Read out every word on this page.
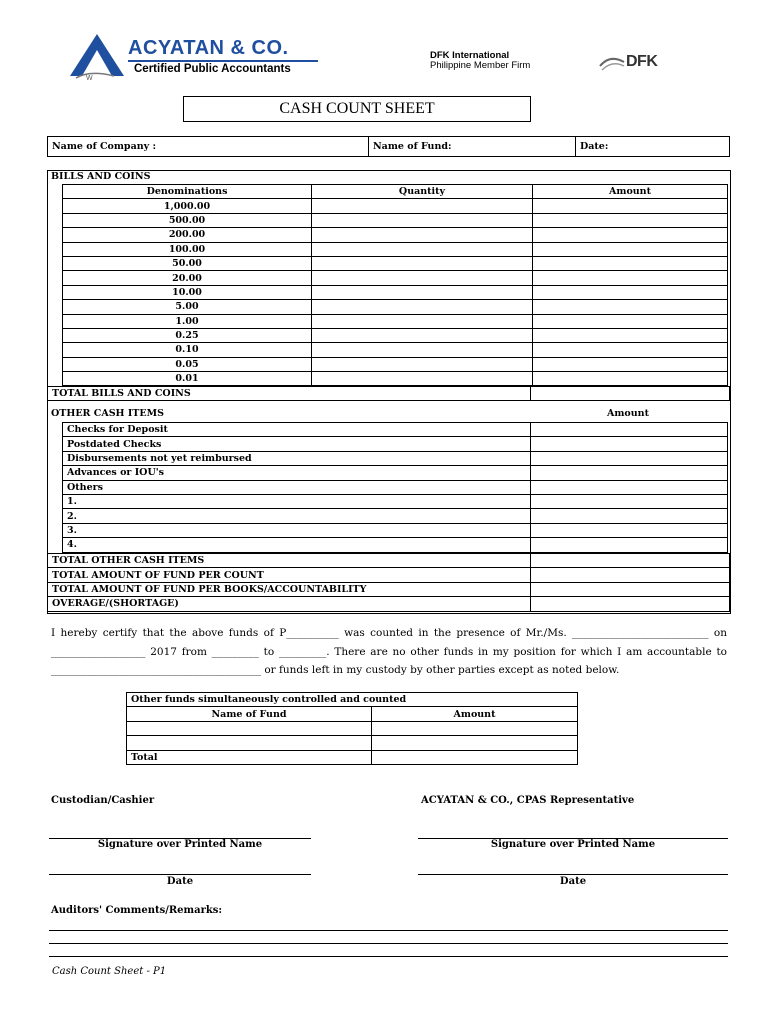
W
ACYATAN & CO.
Certified Public Accountants
DFK International
Philippine Member Firm	DFK
CASH COUNT SHEET
Name of Company :	Name of Fund:	Date:
BILLS AND COINS
Denominations	Quantity	Amount
1,000.00		
500.00		
200.00		
100.00		
50.00		
20.00		
10.00		
5.00		
1.00		
0.25		
0.10		
0.05		
0.01		
TOTAL BILLS AND COINS	
OTHER CASH ITEMS	Amount
Checks for Deposit	
Postdated Checks	
Disbursements not yet reimbursed	
Advances or IOU's	
Others	
1.	
2.	
3.	
4.	
TOTAL OTHER CASH ITEMS	
TOTAL AMOUNT OF FUND PER COUNT	
TOTAL AMOUNT OF FUND PER BOOKS/ACCOUNTABILITY	
OVERAGE/(SHORTAGE)	
I hereby certify that the above funds of P__________ was counted in the presence of Mr./Ms. __________________________ on __________________ 2017 from _________ to _________. There are no other funds in my position for which I am accountable to ________________________________________ or funds left in my custody by other parties except as noted below.
Other funds simultaneously controlled and counted	
Name of Fund	Amount

Total	
Custodian/Cashier	ACYATAN & CO., CPAS Representative
Signature over Printed Name	Signature over Printed Name
Date	Date
Auditors' Comments/Remarks:
Cash Count Sheet - P1
